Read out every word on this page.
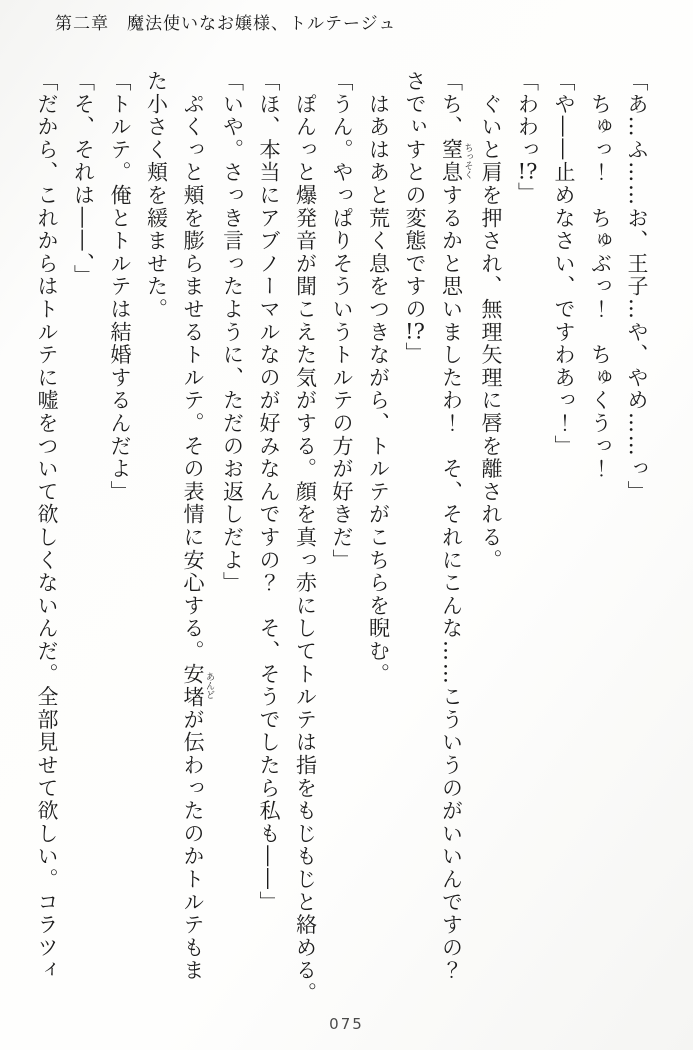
第二章 魔法使いなお嬢様、トルテージュ

「あ…ふ……お、王子…や、やめ……っ」

　ちゅっ！　ちゅぶっ！　ちゅくうっ！

「や――止めなさい、ですわあっ！」

「わわっ!?」

　ぐいと肩を押され、無理矢理に唇を離される。

「ち、窒息 ちっそくするかと思いましたわ！　そ、それにこんな……こういうのがいいんですの？

さでぃすとの変態ですの!?」

　はあはあと荒く息をつきながら、トルテがこちらを睨む。

「うん。やっぱりそういうトルテの方が好きだ」

　ぽんっと爆発音が聞こえた気がする。顔を真っ赤にしてトルテは指をもじもじと絡める。

「ほ、本当にアブノーマルなのが好みなんですの？　そ、そうでしたら私も――」

「いや。さっき言ったように、ただのお返しだよ」

　ぷくっと頬を膨らませるトルテ。その表情に安心する。安堵 あんどが伝わったのかトルテもま

た小さく頬を緩ませた。

「トルテ。俺とトルテは結婚するんだよ」

「そ、それは――、」

「だから、これからはトルテに嘘をついて欲しくないんだ。全部見せて欲しい。コラツィ

075
